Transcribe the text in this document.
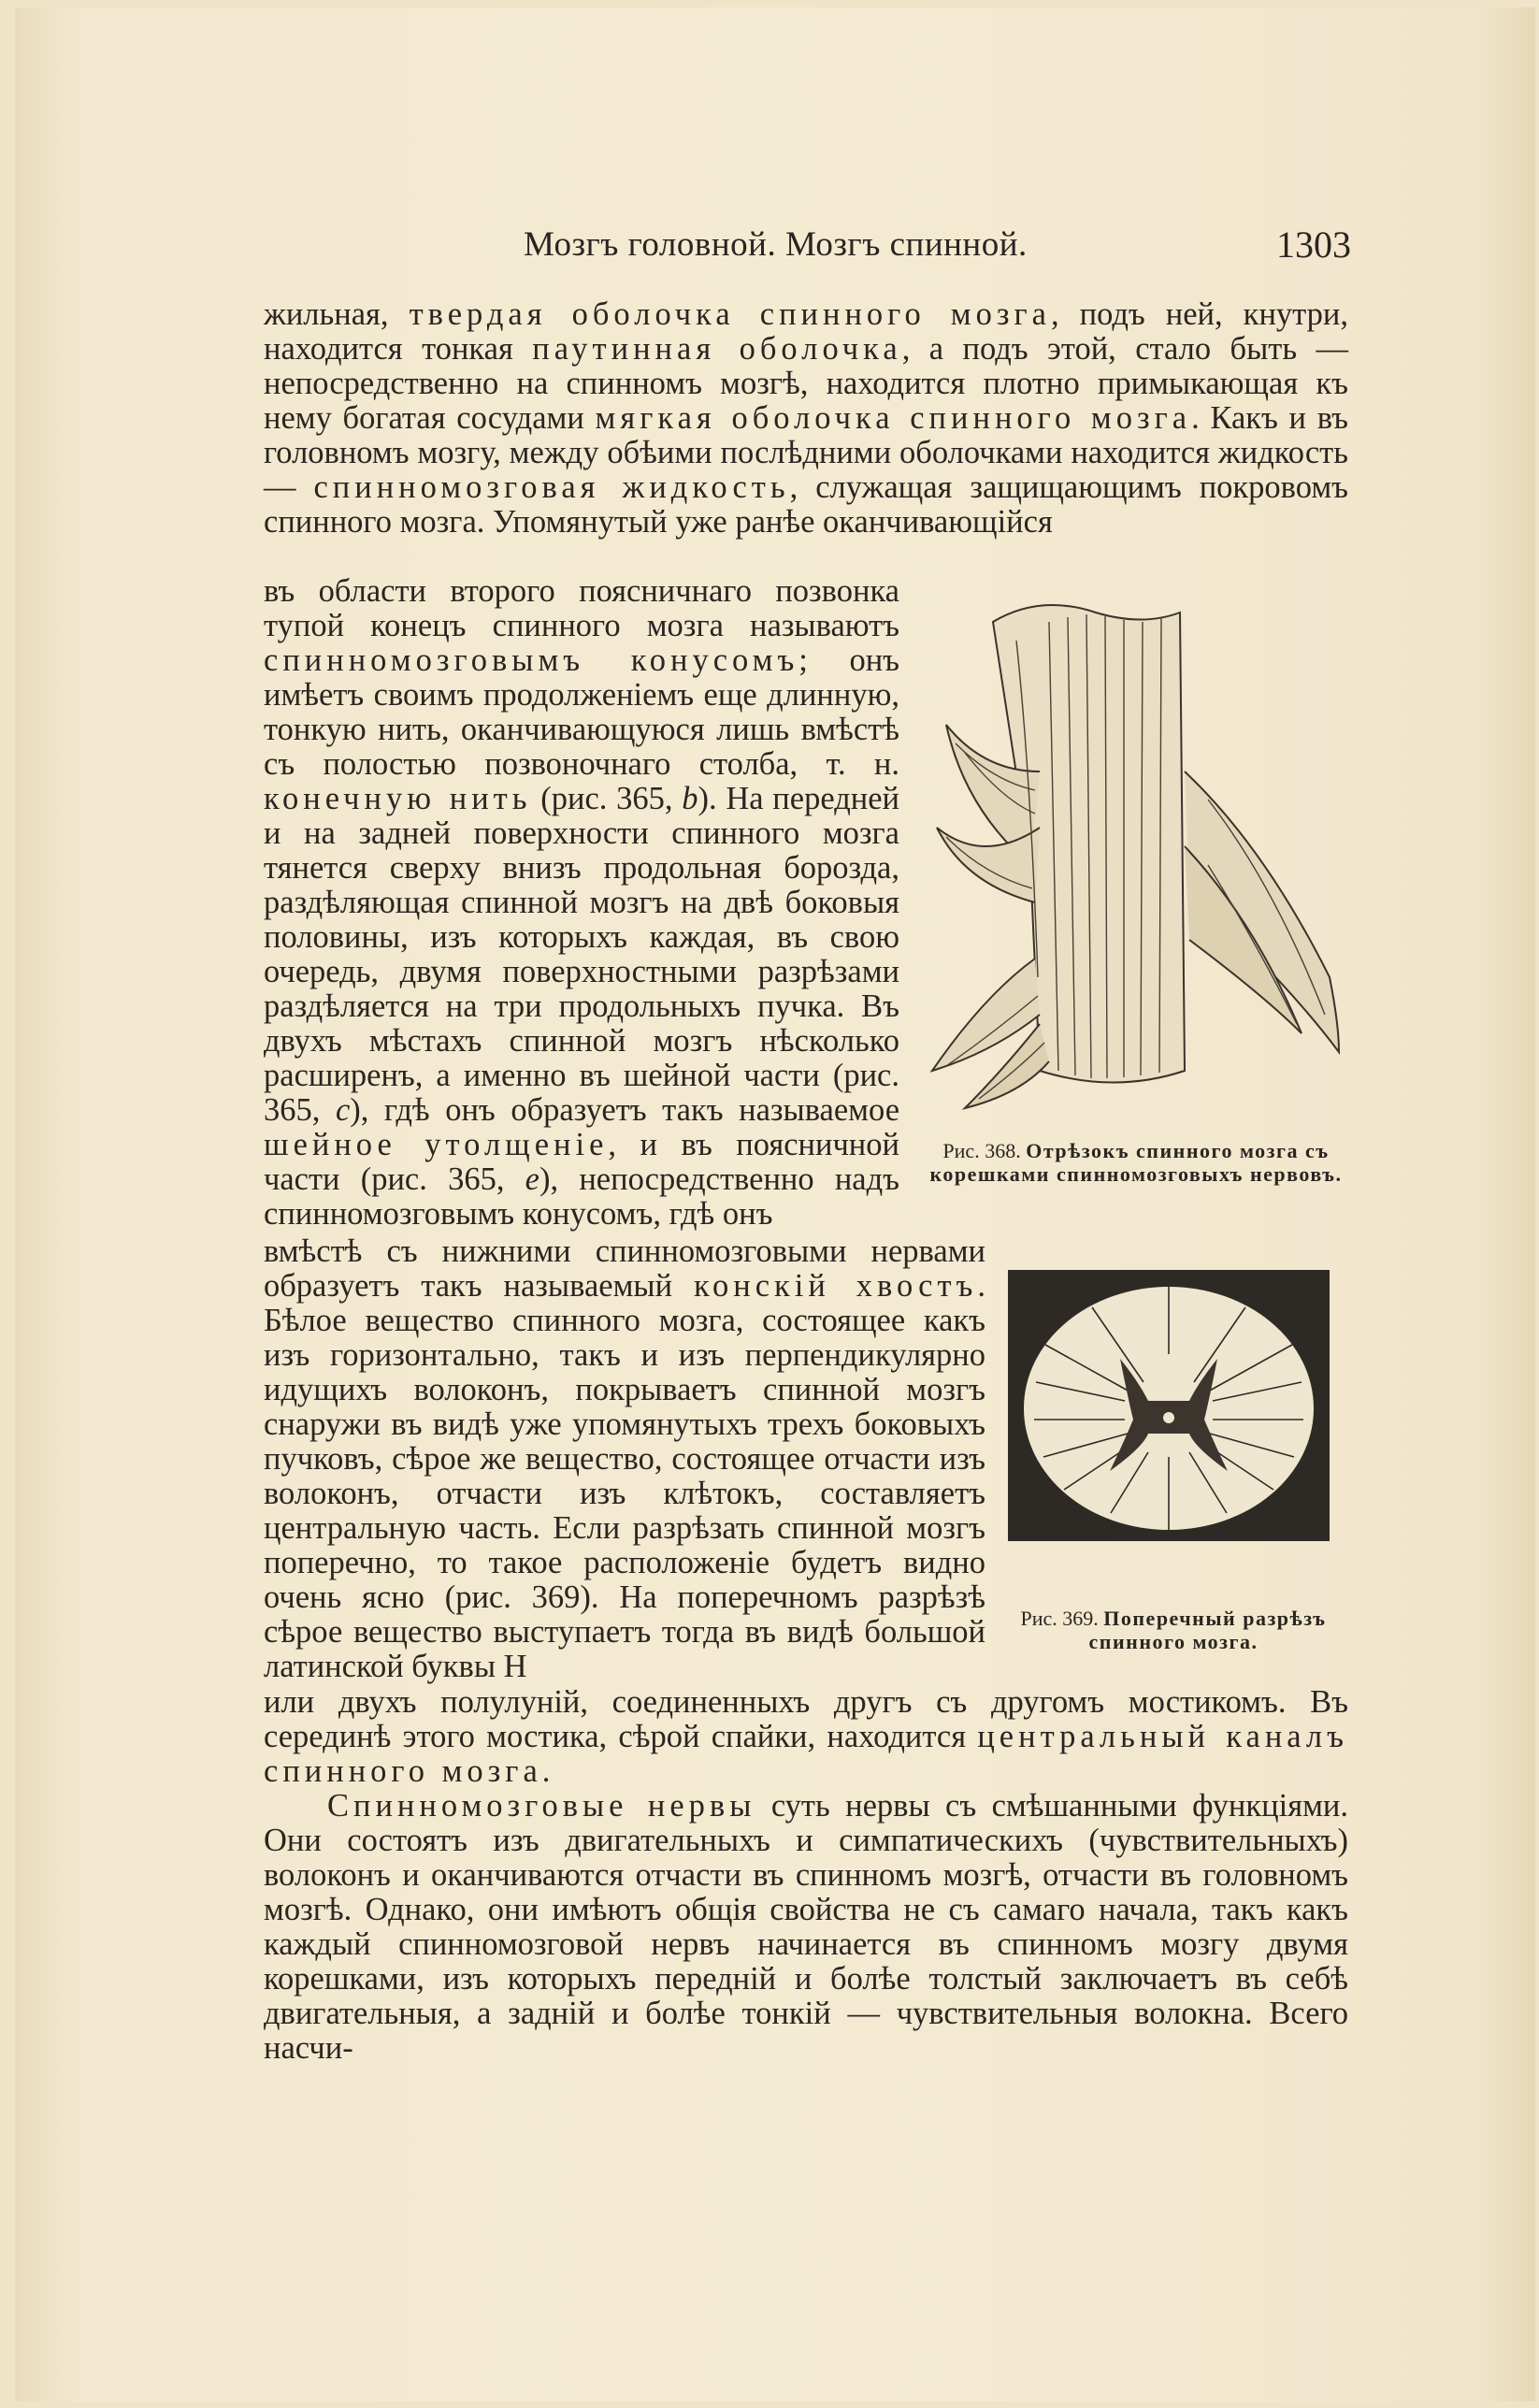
Мозгъ головной. Мозгъ спинной.	1303

жильная, твердая оболочка спинного мозга, подъ ней, кнутри, находится тонкая паутинная оболочка, а подъ этой, стало быть — непосредственно на спинномъ мозгѣ, находится плотно примыкающая къ нему богатая сосудами мягкая оболочка спинного мозга. Какъ и въ головномъ мозгу, между обѣими послѣдними оболочками находится жидкость — спинномозговая жидкость, служащая защищающимъ покровомъ спинного мозга. Упомянутый уже ранѣе оканчивающійся

въ области второго поясничнаго позвонка тупой конецъ спинного мозга называютъ спинномозговымъ конусомъ; онъ имѣетъ своимъ продолженіемъ еще длинную, тонкую нить, оканчивающуюся лишь вмѣстѣ съ полостью позвоночнаго столба, т. н. конечную нить (рис. 365, b). На передней и на задней поверхности спинного мозга тянется сверху внизъ продольная борозда, раздѣляющая спинной мозгъ на двѣ боковыя половины, изъ которыхъ каждая, въ свою очередь, двумя поверхностными разрѣзами раздѣляется на три продольныхъ пучка. Въ двухъ мѣстахъ спинной мозгъ нѣсколько расширенъ, а именно въ шейной части (рис. 365, c), гдѣ онъ образуетъ такъ называемое шейное утолщеніе, и въ поясничной части (рис. 365, e), непосредственно надъ спинномозговымъ конусомъ, гдѣ онъ

вмѣстѣ съ нижними спинномозговыми нервами образуетъ такъ называемый конскій хвостъ. Бѣлое вещество спинного мозга, состоящее какъ изъ горизонтально, такъ и изъ перпендикулярно идущихъ волоконъ, покрываетъ спинной мозгъ снаружи въ видѣ уже упомянутыхъ трехъ боковыхъ пучковъ, сѣрое же вещество, состоящее отчасти изъ волоконъ, отчасти изъ клѣтокъ, составляетъ центральную часть. Если разрѣзать спинной мозгъ поперечно, то такое расположеніе будетъ видно очень ясно (рис. 369). На поперечномъ разрѣзѣ сѣрое вещество выступаетъ тогда въ видѣ большой латинской буквы H

или двухъ полулуній, соединенныхъ другъ съ другомъ мостикомъ. Въ серединѣ этого мостика, сѣрой спайки, находится центральный каналъ спинного мозга.

Спинномозговые нервы суть нервы съ смѣшанными функціями. Они состоятъ изъ двигательныхъ и симпатическихъ (чувствительныхъ) волоконъ и оканчиваются отчасти въ спинномъ мозгѣ, отчасти въ головномъ мозгѣ. Однако, они имѣютъ общія свойства не съ самаго начала, такъ какъ каждый спинномозговой нервъ начинается въ спинномъ мозгу двумя корешками, изъ которыхъ передній и болѣе толстый заключаетъ въ себѣ двигательныя, а задній и болѣе тонкій — чувствительныя волокна. Всего насчи-

Рис. 368. Отрѣзокъ спинного мозга съ корешками спинномозговыхъ нервовъ.
Рис. 369. Поперечный разрѣзъ спинного мозга.
